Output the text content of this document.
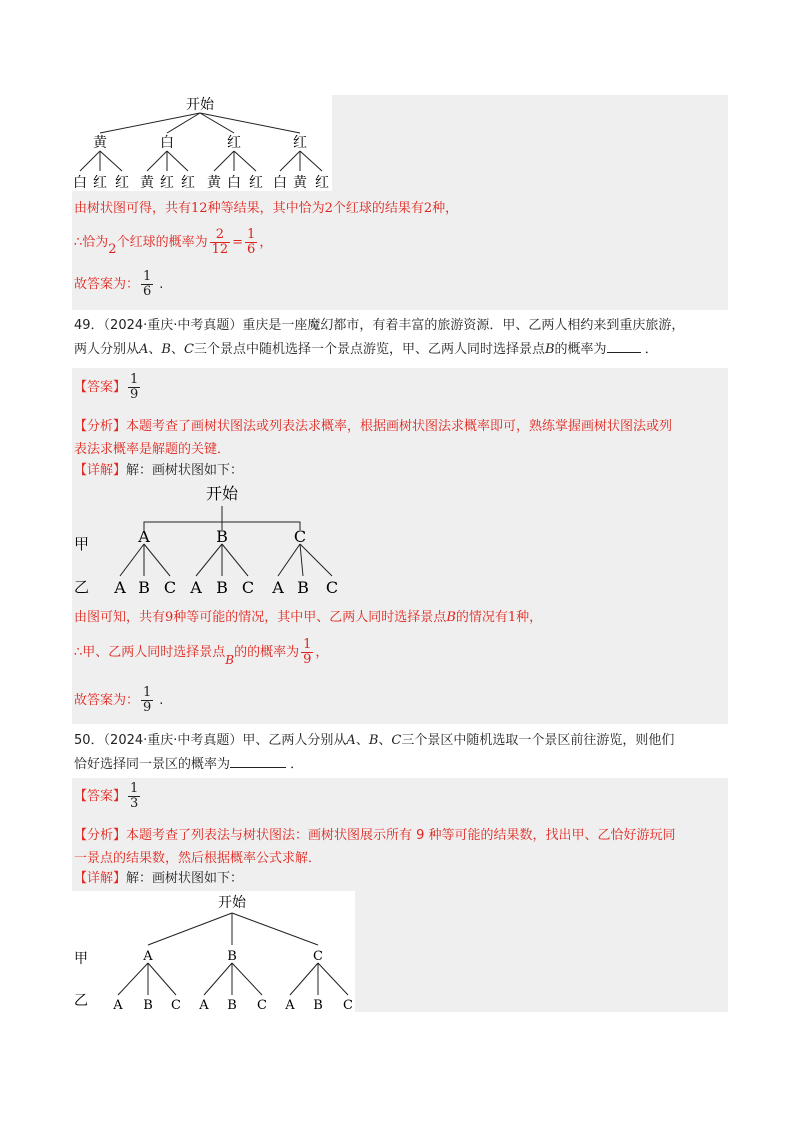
开始
黄	白	红	红
白 红 红 黄 红 红 黄 白 红 白 黄 红
由树状图可得，共有12种等结果，其中恰为2个红球的结果有2种，
∴恰为2个红球的概率为 $\frac{2}{12} = \frac{1}{6}$ ，
故答案为： $\frac{1}{6}$ .
49．（2024·重庆·中考真题）重庆是一座魔幻都市，有着丰富的旅游资源．甲、乙两人相约来到重庆旅游，
两人分别从A、B、C三个景点中随机选择一个景点游览，甲、乙两人同时选择景点B的概率为	．
【答案】 $\frac{1}{9}$
【分析】本题考查了画树状图法或列表法求概率，根据画树状图法求概率即可，熟练掌握画树状图法或列
表法求概率是解题的关键．
【详解】解：画树状图如下：
开始
甲
乙
A	B	C
A B C A B C A B C
由图可知，共有9种等可能的情况，其中甲、乙两人同时选择景点B的情况有1种，
∴甲、乙两人同时选择景点B的的概率为 $\frac{1}{9}$ ，
故答案为： $\frac{1}{9}$ .
50．（2024·重庆·中考真题）甲、乙两人分别从A、B、C三个景区中随机选取一个景区前往游览，则他们
恰好选择同一景区的概率为	．
【答案】 $\frac{1}{3}$
【分析】本题考查了列表法与树状图法：画树状图展示所有 9 种等可能的结果数，找出甲、乙恰好游玩同
一景点的结果数，然后根据概率公式求解．
【详解】解：画树状图如下：
开始
甲
乙
A	B	C
A B C A B C A B C
